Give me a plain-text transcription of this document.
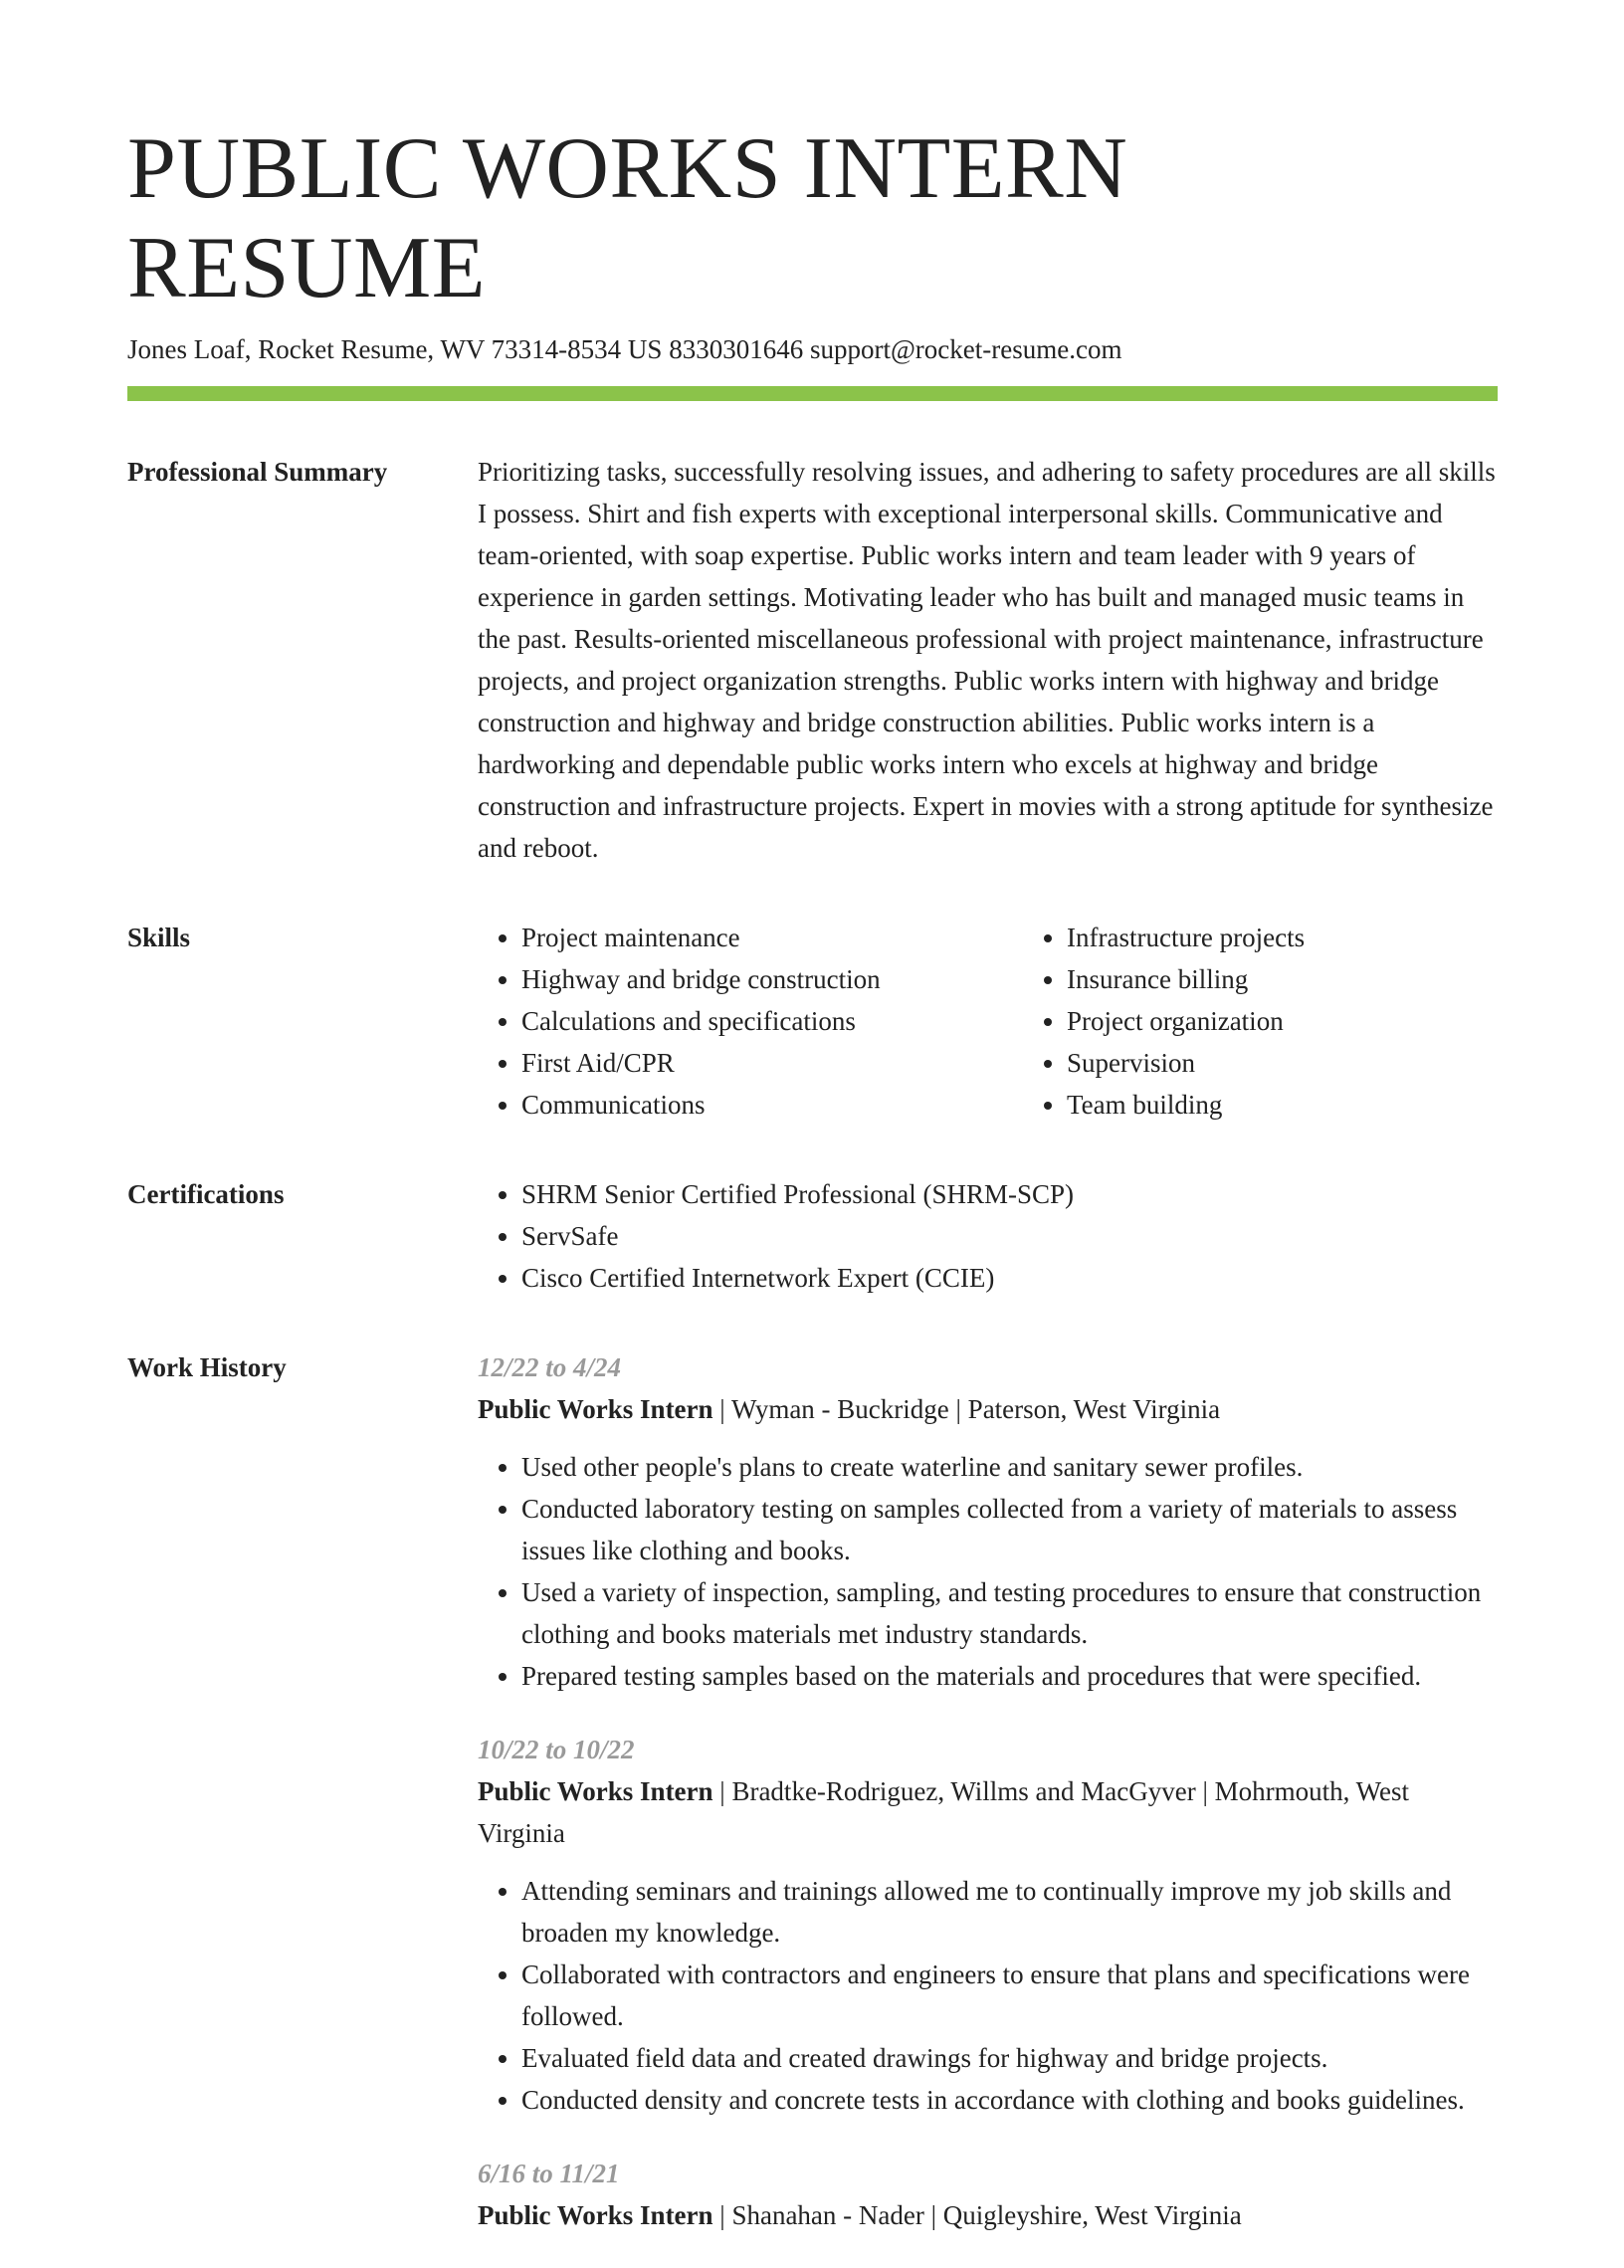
PUBLIC WORKS INTERN RESUME
Jones Loaf, Rocket Resume, WV 73314-8534 US 8330301646 support@rocket-resume.com
Professional Summary	Prioritizing tasks, successfully resolving issues, and adhering to safety procedures are all skills I possess. Shirt and fish experts with exceptional interpersonal skills. Communicative and team-oriented, with soap expertise. Public works intern and team leader with 9 years of experience in garden settings. Motivating leader who has built and managed music teams in the past. Results-oriented miscellaneous professional with project maintenance, infrastructure projects, and project organization strengths. Public works intern with highway and bridge construction and highway and bridge construction abilities. Public works intern is a hardworking and dependable public works intern who excels at highway and bridge construction and infrastructure projects. Expert in movies with a strong aptitude for synthesize and reboot.

Skills	• Project maintenance
• Highway and bridge construction
• Calculations and specifications
• First Aid/CPR
• Communications
• Infrastructure projects
• Insurance billing
• Project organization
• Supervision
• Team building
Certifications	• SHRM Senior Certified Professional (SHRM-SCP)
• ServSafe
• Cisco Certified Internetwork Expert (CCIE)
Work History	12/22 to 4/24
Public Works Intern | Wyman - Buckridge | Paterson, West Virginia
• Used other people's plans to create waterline and sanitary sewer profiles.
• Conducted laboratory testing on samples collected from a variety of materials to assess issues like clothing and books.
• Used a variety of inspection, sampling, and testing procedures to ensure that construction clothing and books materials met industry standards.
• Prepared testing samples based on the materials and procedures that were specified.
10/22 to 10/22
Public Works Intern | Bradtke-Rodriguez, Willms and MacGyver | Mohrmouth, West Virginia
• Attending seminars and trainings allowed me to continually improve my job skills and broaden my knowledge.
• Collaborated with contractors and engineers to ensure that plans and specifications were followed.
• Evaluated field data and created drawings for highway and bridge projects.
• Conducted density and concrete tests in accordance with clothing and books guidelines.
6/16 to 11/21
Public Works Intern | Shanahan - Nader | Quigleyshire, West Virginia
